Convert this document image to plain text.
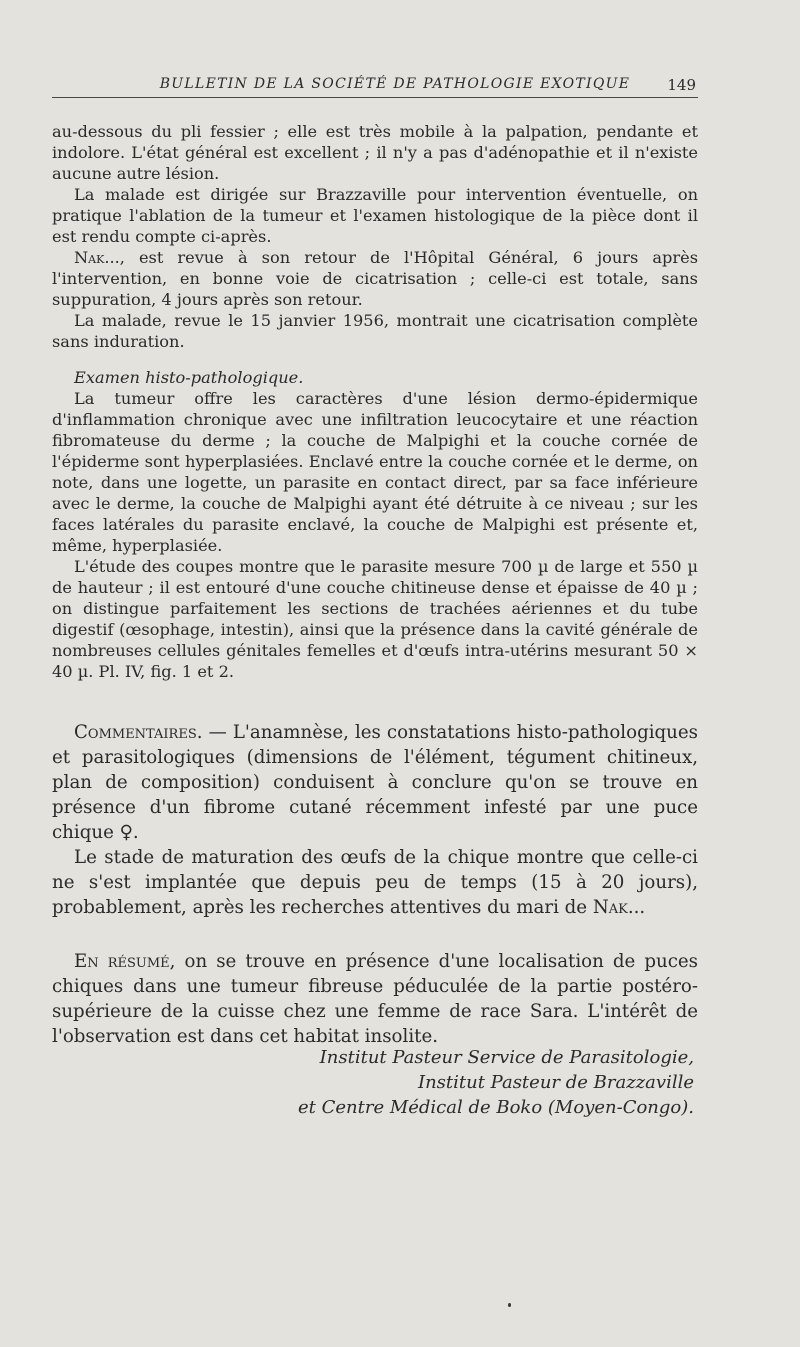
BULLETIN DE LA SOCIÉTÉ DE PATHOLOGIE EXOTIQUE	149

au-dessous du pli fessier ; elle est très mobile à la palpation, pendante et indolore. L'état général est excellent ; il n'y a pas d'adénopathie et il n'existe aucune autre lésion.

La malade est dirigée sur Brazzaville pour intervention éventuelle, on pratique l'ablation de la tumeur et l'examen histologique de la pièce dont il est rendu compte ci-après.

Nak..., est revue à son retour de l'Hôpital Général, 6 jours après l'intervention, en bonne voie de cicatrisation ; celle-ci est totale, sans suppuration, 4 jours après son retour.

La malade, revue le 15 janvier 1956, montrait une cicatrisation complète sans induration.

Examen histo-pathologique.

La tumeur offre les caractères d'une lésion dermo-épidermique d'inflammation chronique avec une infiltration leucocytaire et une réaction fibromateuse du derme ; la couche de Malpighi et la couche cornée de l'épiderme sont hyperplasiées. Enclavé entre la couche cornée et le derme, on note, dans une logette, un parasite en contact direct, par sa face inférieure avec le derme, la couche de Malpighi ayant été détruite à ce niveau ; sur les faces latérales du parasite enclavé, la couche de Malpighi est présente et, même, hyperplasiée.

L'étude des coupes montre que le parasite mesure 700 µ de large et 550 µ de hauteur ; il est entouré d'une couche chitineuse dense et épaisse de 40 µ ; on distingue parfaitement les sections de trachées aériennes et du tube digestif (œsophage, intestin), ainsi que la présence dans la cavité générale de nombreuses cellules génitales femelles et d'œufs intra-utérins mesurant 50 × 40 µ. Pl. IV, fig. 1 et 2.

Commentaires. — L'anamnèse, les constatations histo-pathologiques et parasitologiques (dimensions de l'élément, tégument chitineux, plan de composition) conduisent à conclure qu'on se trouve en présence d'un fibrome cutané récemment infesté par une puce chique ♀.

Le stade de maturation des œufs de la chique montre que celle-ci ne s'est implantée que depuis peu de temps (15 à 20 jours), probablement, après les recherches attentives du mari de Nak...

En résumé, on se trouve en présence d'une localisation de puces chiques dans une tumeur fibreuse péduculée de la partie postéro-supérieure de la cuisse chez une femme de race Sara. L'intérêt de l'observation est dans cet habitat insolite.

Institut Pasteur Service de Parasitologie,
Institut Pasteur de Brazzaville
et Centre Médical de Boko (Moyen-Congo).
